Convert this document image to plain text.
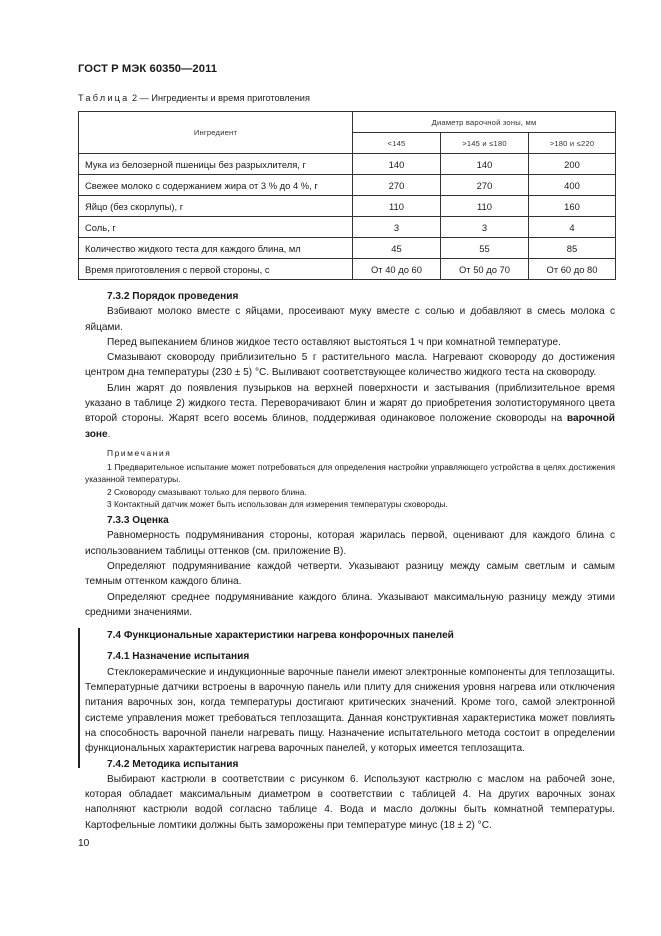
ГОСТ Р МЭК 60350—2011
Таблица 2 — Ингредиенты и время приготовления
Ингредиент	Диаметр варочной зоны, мм		
	<145	>145 и ≤180	>180 и ≤220
Мука из белозерной пшеницы без разрыхлителя, г	140	140	200
Свежее молоко с содержанием жира от 3 % до 4 %, г	270	270	400
Яйцо (без скорлупы), г	110	110	160
Соль, г	3	3	4
Количество жидкого теста для каждого блина, мл	45	55	85
Время приготовления с первой стороны, с	От 40 до 60	От 50 до 70	От 60 до 80
7.3.2 Порядок проведения

Взбивают молоко вместе с яйцами, просеивают муку вместе с солью и добавляют в смесь молока с яйцами.

Перед выпеканием блинов жидкое тесто оставляют выстояться 1 ч при комнатной температуре.

Смазывают сковороду приблизительно 5 г растительного масла. Нагревают сковороду до достижения центром дна температуры (230 ± 5) °С. Выливают соответствующее количество жидкого теста на сковороду.

Блин жарят до появления пузырьков на верхней поверхности и застывания (приблизительное время указано в таблице 2) жидкого теста. Переворачивают блин и жарят до приобретения золотисторумяного цвета второй стороны. Жарят всего восемь блинов, поддерживая одинаковое положение сковороды на варочной зоне.

Примечания

1 Предварительное испытание может потребоваться для определения настройки управляющего устройства в целях достижения указанной температуры.

2 Сковороду смазывают только для первого блина.

3 Контактный датчик может быть использован для измерения температуры сковороды.

7.3.3 Оценка

Равномерность подрумянивания стороны, которая жарилась первой, оценивают для каждого блина с использованием таблицы оттенков (см. приложение В).

Определяют подрумянивание каждой четверти. Указывают разницу между самым светлым и самым темным оттенком каждого блина.

Определяют среднее подрумянивание каждого блина. Указывают максимальную разницу между этими средними значениями.

7.4 Функциональные характеристики нагрева конфорочных панелей
7.4.1 Назначение испытания

Стеклокерамические и индукционные варочные панели имеют электронные компоненты для теплозащиты. Температурные датчики встроены в варочную панель или плиту для снижения уровня нагрева или отключения питания варочных зон, когда температуры достигают критических значений. Кроме того, самой электронной системе управления может требоваться теплозащита. Данная конструктивная характеристика может повлиять на способность варочной панели нагревать пищу. Назначение испытательного метода состоит в определении функциональных характеристик нагрева варочных панелей, у которых имеется теплозащита.

7.4.2 Методика испытания

Выбирают кастрюли в соответствии с рисунком 6. Используют кастрюлю с маслом на рабочей зоне, которая обладает максимальным диаметром в соответствии с таблицей 4. На других варочных зонах наполняют кастрюли водой согласно таблице 4. Вода и масло должны быть комнатной температуры. Картофельные ломтики должны быть заморожены при температуре минус (18 ± 2) °С.

10
